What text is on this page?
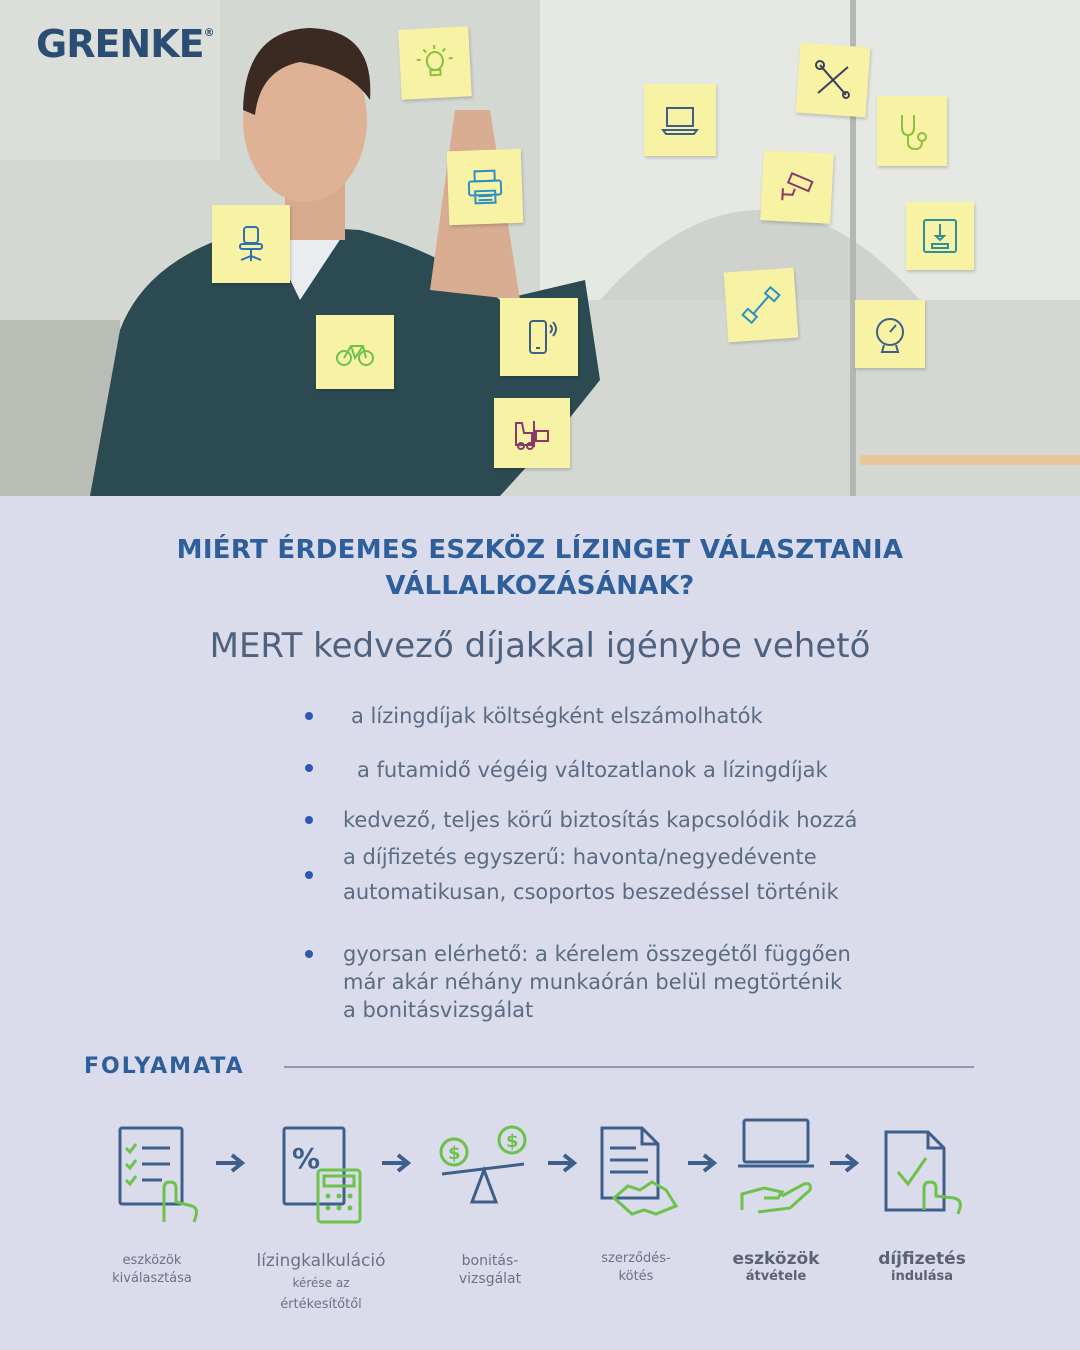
GRENKE®
MIÉRT ÉRDEMES ESZKÖZ LÍZINGET VÁLASZTANIA
VÁLLALKOZÁSÁNAK?
MERT kedvező díjakkal igénybe vehető
a lízingdíjak költségként elszámolhatók
a futamidő végéig változatlanok a lízingdíjak
kedvező, teljes körű biztosítás kapcsolódik hozzá
a díjfizetés egyszerű: havonta/negyedévente
automatikusan, csoportos beszedéssel történik
gyorsan elérhető: a kérelem összegétől függően
már akár néhány munkaórán belül megtörténik
a bonitásvizsgálat
FOLYAMATA
%	$
$
eszközök
kiválasztása
lízingkalkuláció
kérése az
értékesítőtől
bonitás-
vizsgálat
szerződés-
kötés
eszközök
átvétele
díjfizetés
indulása
